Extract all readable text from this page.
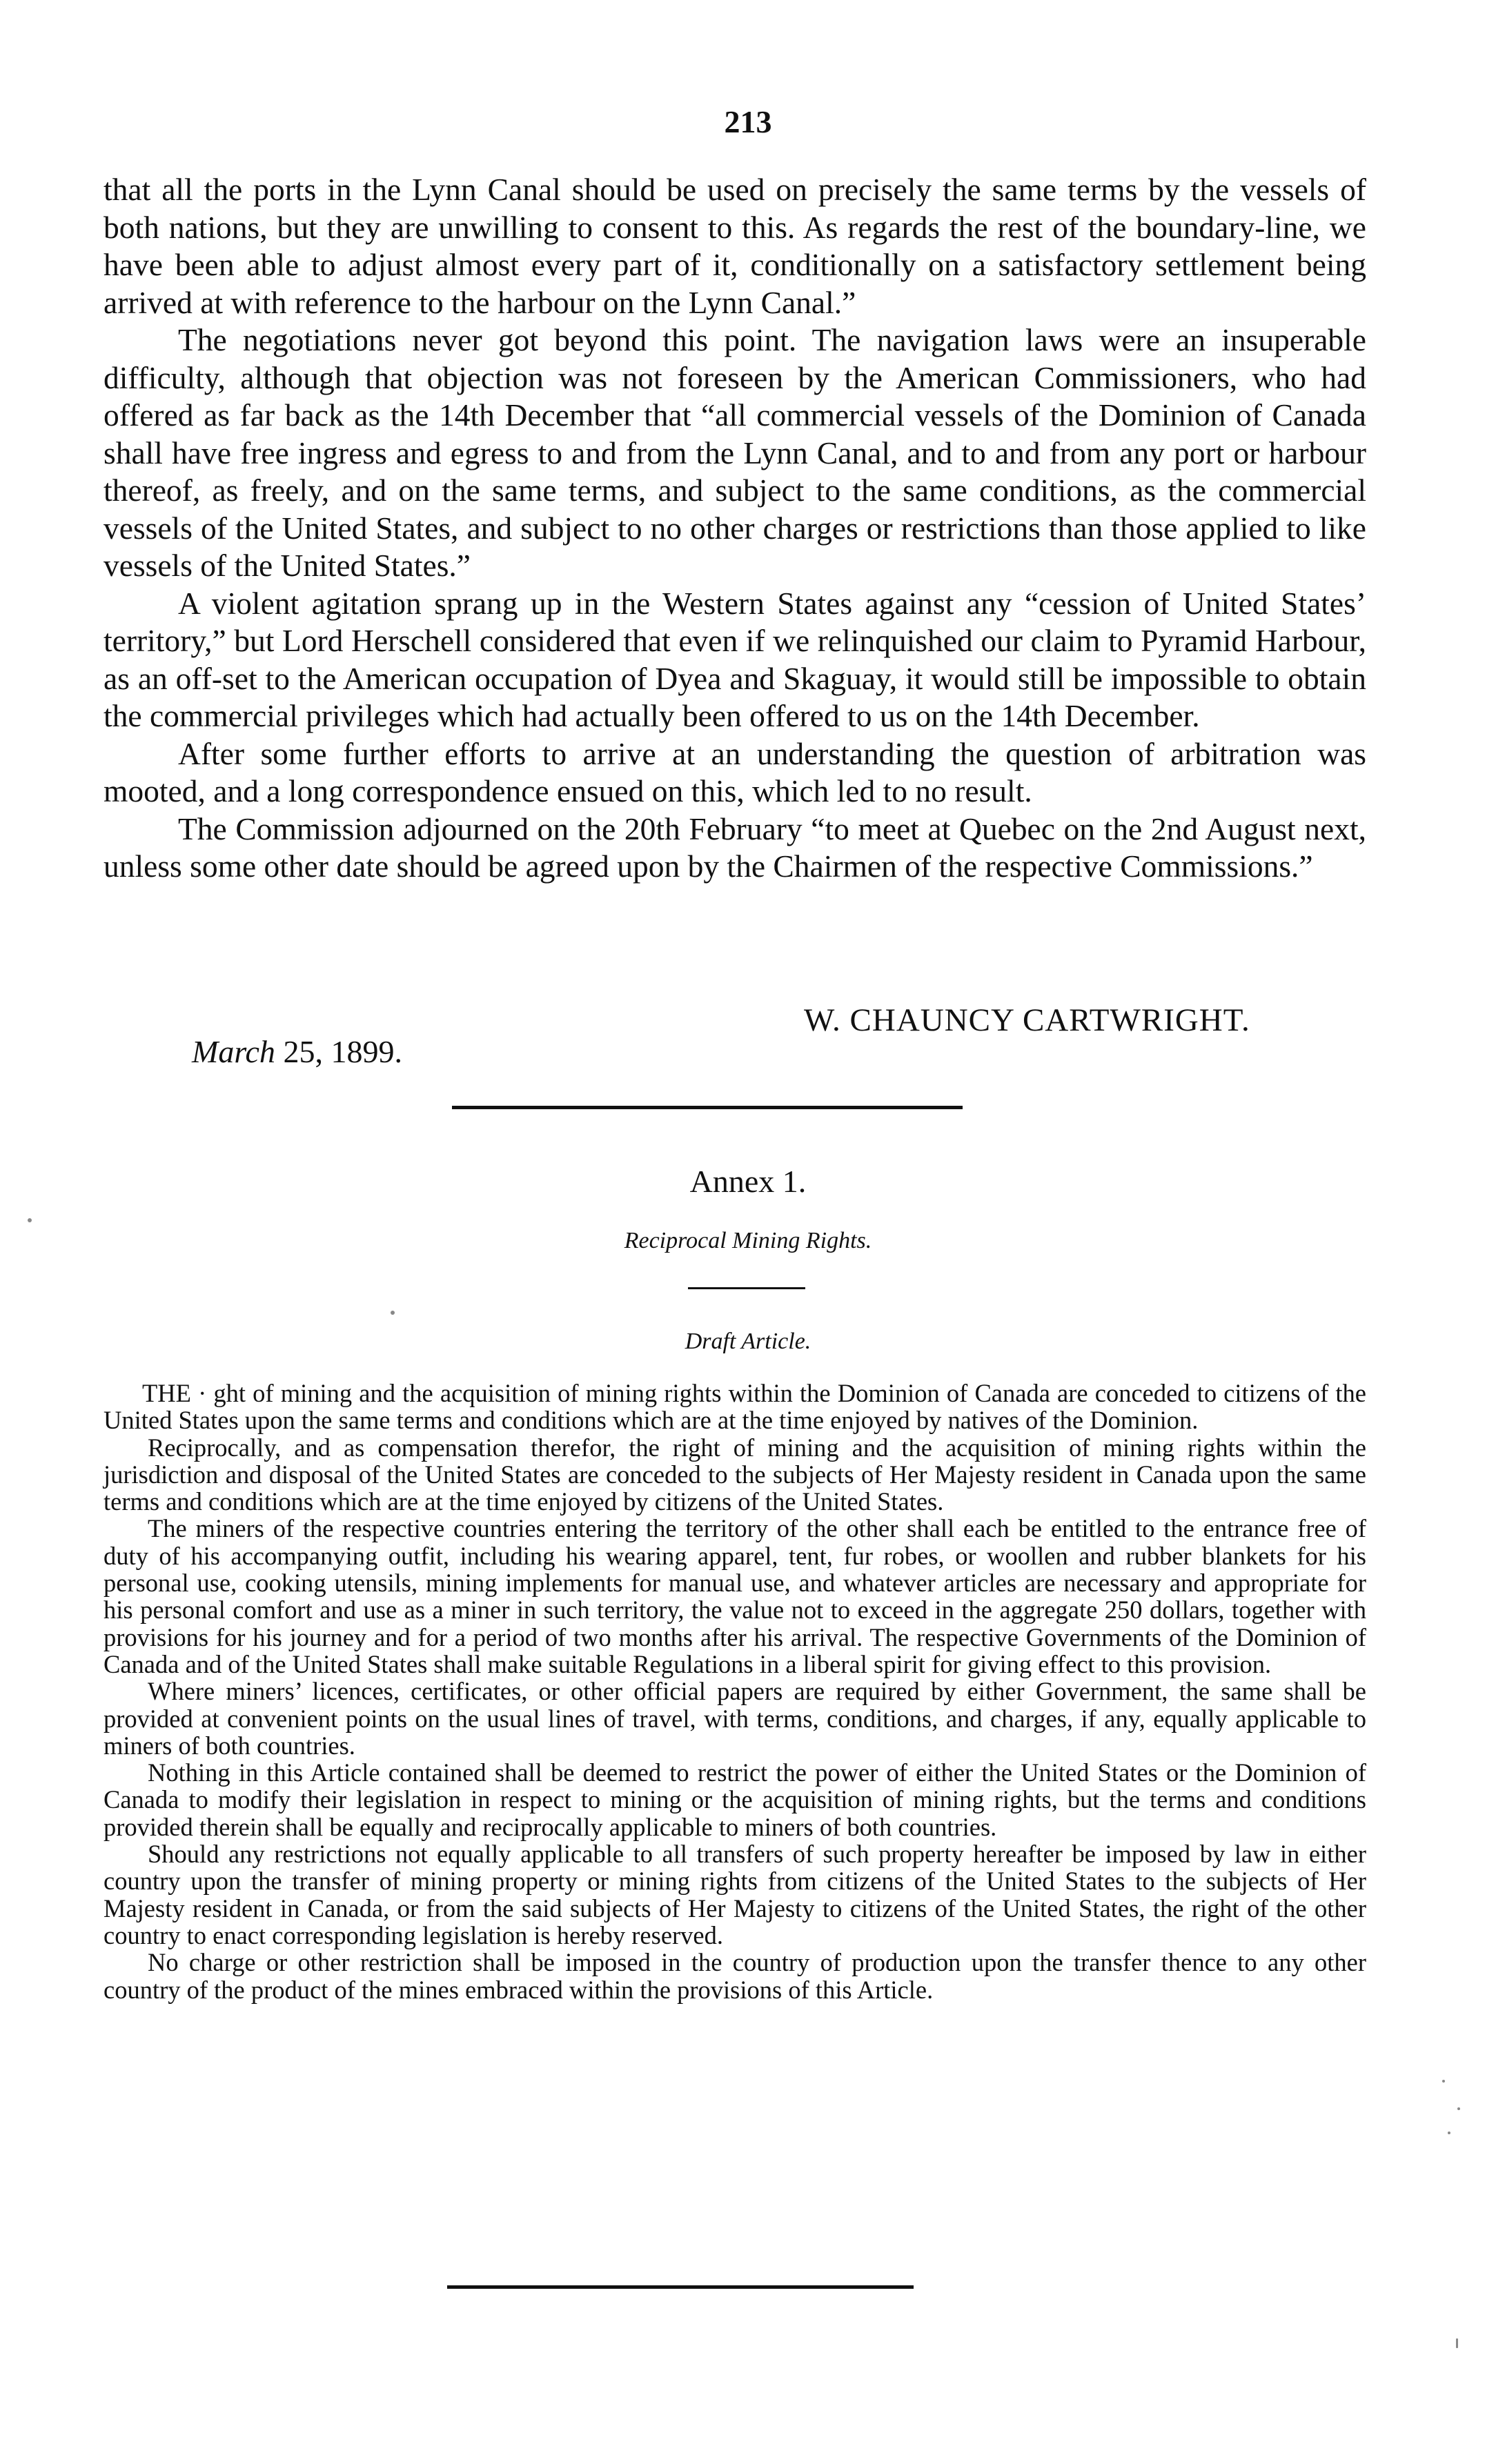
213

that all the ports in the Lynn Canal should be used on precisely the same terms by the vessels of both nations, but they are unwilling to consent to this. As regards the rest of the boundary-line, we have been able to adjust almost every part of it, conditionally on a satisfactory settlement being arrived at with reference to the harbour on the Lynn Canal.”

The negotiations never got beyond this point. The navigation laws were an insuperable difficulty, although that objection was not foreseen by the American Commissioners, who had offered as far back as the 14th December that “all commercial vessels of the Dominion of Canada shall have free ingress and egress to and from the Lynn Canal, and to and from any port or harbour thereof, as freely, and on the same terms, and subject to the same conditions, as the commercial vessels of the United States, and subject to no other charges or restrictions than those applied to like vessels of the United States.”

A violent agitation sprang up in the Western States against any “cession of United States’ territory,” but Lord Herschell considered that even if we relinquished our claim to Pyramid Harbour, as an off-set to the American occupation of Dyea and Skaguay, it would still be impossible to obtain the commercial privileges which had actually been offered to us on the 14th December.

After some further efforts to arrive at an understanding the question of arbitration was mooted, and a long correspondence ensued on this, which led to no result.

The Commission adjourned on the 20th February “to meet at Quebec on the 2nd August next, unless some other date should be agreed upon by the Chairmen of the respective Commissions.”

W. CHAUNCY CARTWRIGHT.
March 25, 1899.
Annex 1.
Reciprocal Mining Rights.
Draft Article.

THE · ght of mining and the acquisition of mining rights within the Dominion of Canada are conceded to citizens of the United States upon the same terms and conditions which are at the time enjoyed by natives of the Dominion.

Reciprocally, and as compensation therefor, the right of mining and the acquisition of mining rights within the jurisdiction and disposal of the United States are conceded to the subjects of Her Majesty resident in Canada upon the same terms and conditions which are at the time enjoyed by citizens of the United States.

The miners of the respective countries entering the territory of the other shall each be entitled to the entrance free of duty of his accompanying outfit, including his wearing apparel, tent, fur robes, or woollen and rubber blankets for his personal use, cooking utensils, mining implements for manual use, and whatever articles are necessary and appropriate for his personal comfort and use as a miner in such territory, the value not to exceed in the aggregate 250 dollars, together with provisions for his journey and for a period of two months after his arrival. The respective Governments of the Dominion of Canada and of the United States shall make suitable Regulations in a liberal spirit for giving effect to this provision.

Where miners’ licences, certificates, or other official papers are required by either Government, the same shall be provided at convenient points on the usual lines of travel, with terms, conditions, and charges, if any, equally applicable to miners of both countries.

Nothing in this Article contained shall be deemed to restrict the power of either the United States or the Dominion of Canada to modify their legislation in respect to mining or the acquisition of mining rights, but the terms and conditions provided therein shall be equally and reciprocally applicable to miners of both countries.

Should any restrictions not equally applicable to all transfers of such property hereafter be imposed by law in either country upon the transfer of mining property or mining rights from citizens of the United States to the subjects of Her Majesty resident in Canada, or from the said subjects of Her Majesty to citizens of the United States, the right of the other country to enact corresponding legislation is hereby reserved.

No charge or other restriction shall be imposed in the country of production upon the transfer thence to any other country of the product of the mines embraced within the provisions of this Article.
